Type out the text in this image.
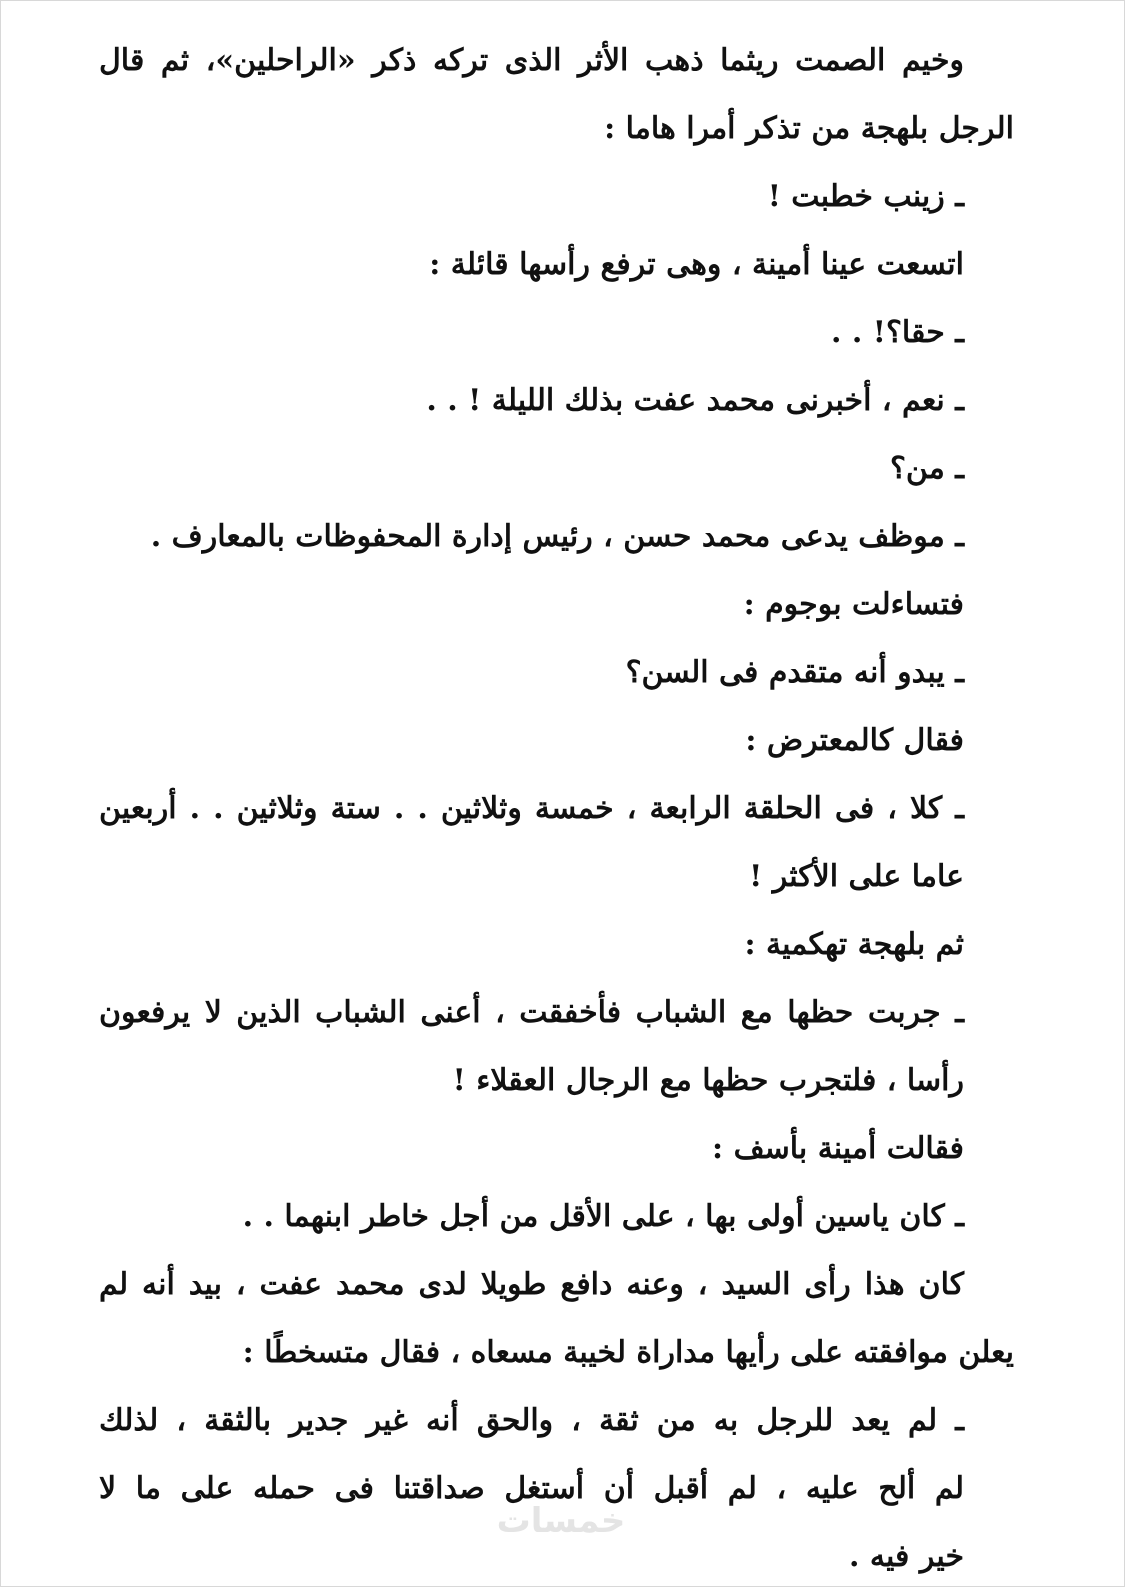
وخيم الصمت ريثما ذهب الأثر الذى تركه ذكر «الراحلين»، ثم قال
الرجل بلهجة من تذكر أمرا هاما :
ـ زينب خطبت !
اتسعت عينا أمينة ، وهى ترفع رأسها قائلة :
ـ حقا؟! . .
ـ نعم ، أخبرنى محمد عفت بذلك الليلة ! . .
ـ من؟
ـ موظف يدعى محمد حسن ، رئيس إدارة المحفوظات بالمعارف .
فتساءلت بوجوم :
ـ يبدو أنه متقدم فى السن؟
فقال كالمعترض :
ـ كلا ، فى الحلقة الرابعة ، خمسة وثلاثين . . ستة وثلاثين . . أربعين
عاما على الأكثر !
ثم بلهجة تهكمية :
ـ جربت حظها مع الشباب فأخفقت ، أعنى الشباب الذين لا يرفعون
رأسا ، فلتجرب حظها مع الرجال العقلاء !
فقالت أمينة بأسف :
ـ كان ياسين أولى بها ، على الأقل من أجل خاطر ابنهما . .
كان هذا رأى السيد ، وعنه دافع طويلا لدى محمد عفت ، بيد أنه لم
يعلن موافقته على رأيها مداراة لخيبة مسعاه ، فقال متسخطًا :
ـ لم يعد للرجل به من ثقة ، والحق أنه غير جدير بالثقة ، لذلك
لم ألح عليه ، لم أقبل أن أستغل صداقتنا فى حمله على ما لا
خير فيه .
خمسات
